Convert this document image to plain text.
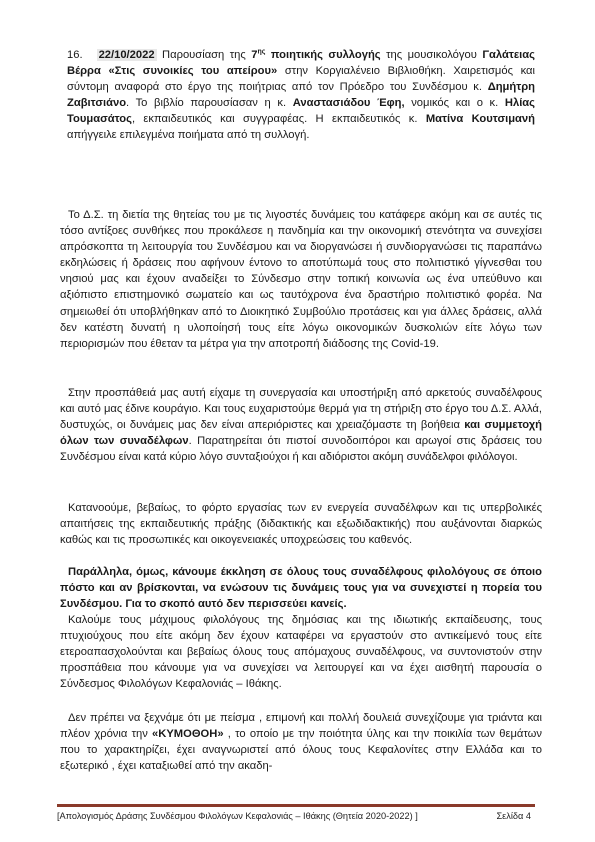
16. 22/10/2022 Παρουσίαση της $7^{\eta\varsigma}$ ποιητικής συλλογής της μουσικολόγου Γαλάτειας Βέρρα «Στις συνοικίες του απείρου» στην Κοργιαλένειο Βιβλιοθήκη. Χαιρετισμός και σύντομη αναφορά στο έργο της ποιήτριας από τον Πρόεδρο του Συνδέσμου κ. Δημήτρη Ζαβιτσιάνο. Το βιβλίο παρουσίασαν η κ. Αναστασιάδου Έφη, νομικός και ο κ. Ηλίας Τουμασάτος, εκπαιδευτικός και συγγραφέας. Η εκπαιδευτικός κ. Ματίνα Κουτσιμανή απήγγειλε επιλεγμένα ποιήματα από τη συλλογή.

Το Δ.Σ. τη διετία της θητείας του με τις λιγοστές δυνάμεις του κατάφερε ακόμη και σε αυτές τις τόσο αντίξοες συνθήκες που προκάλεσε η πανδημία και την οικονομική στενότητα να συνεχίσει απρόσκοπτα τη λειτουργία του Συνδέσμου και να διοργανώσει ή συνδιοργανώσει τις παραπάνω εκδηλώσεις ή δράσεις που αφήνουν έντονο το αποτύπωμά τους στο πολιτιστικό γίγνεσθαι του νησιού μας και έχουν αναδείξει το Σύνδεσμο στην τοπική κοινωνία ως ένα υπεύθυνο και αξιόπιστο επιστημονικό σωματείο και ως ταυτόχρονα ένα δραστήριο πολιτιστικό φορέα. Να σημειωθεί ότι υποβλήθηκαν από το Διοικητικό Συμβούλιο προτάσεις και για άλλες δράσεις, αλλά δεν κατέστη δυνατή η υλοποίησή τους είτε λόγω οικονομικών δυσκολιών είτε λόγω των περιορισμών που έθεταν τα μέτρα για την αποτροπή διάδοσης της Covid-19.

Στην προσπάθειά μας αυτή είχαμε τη συνεργασία και υποστήριξη από αρκετούς συναδέλφους και αυτό μας έδινε κουράγιο. Και τους ευχαριστούμε θερμά για τη στήριξη στο έργο του Δ.Σ. Αλλά, δυστυχώς, οι δυνάμεις μας δεν είναι απεριόριστες και χρειαζόμαστε τη βοήθεια και συμμετοχή όλων των συναδέλφων. Παρατηρείται ότι πιστοί συνοδοιπόροι και αρωγοί στις δράσεις του Συνδέσμου είναι κατά κύριο λόγο συνταξιούχοι ή και αδιόριστοι ακόμη συνάδελφοι φιλόλογοι.

Κατανοούμε, βεβαίως, το φόρτο εργασίας των εν ενεργεία συναδέλφων και τις υπερβολικές απαιτήσεις της εκπαιδευτικής πράξης (διδακτικής και εξωδιδακτικής) που αυξάνονται διαρκώς καθώς και τις προσωπικές και οικογενειακές υποχρεώσεις του καθενός.

Παράλληλα, όμως, κάνουμε έκκληση σε όλους τους συναδέλφους φιλολόγους σε όποιο πόστο και αν βρίσκονται, να ενώσουν τις δυνάμεις τους για να συνεχιστεί η πορεία του Συνδέσμου. Για το σκοπό αυτό δεν περισσεύει κανείς.

Καλούμε τους μάχιμους φιλολόγους της δημόσιας και της ιδιωτικής εκπαίδευσης, τους πτυχιούχους που είτε ακόμη δεν έχουν καταφέρει να εργαστούν στο αντικείμενό τους είτε ετεροαπασχολούνται και βεβαίως όλους τους απόμαχους συναδέλφους, να συντονιστούν στην προσπάθεια που κάνουμε για να συνεχίσει να λειτουργεί και να έχει αισθητή παρουσία ο Σύνδεσμος Φιλολόγων Κεφαλονιάς – Ιθάκης.

Δεν πρέπει να ξεχνάμε ότι με πείσμα , επιμονή και πολλή δουλειά συνεχίζουμε για τριάντα και πλέον χρόνια την «ΚΥΜΟΘΟΗ» , το οποίο με την ποιότητα ύλης και την ποικιλία των θεμάτων που το χαρακτηρίζει, έχει αναγνωριστεί από όλους τους Κεφαλονίτες στην Ελλάδα και το εξωτερικό , έχει καταξιωθεί από την ακαδη-

[Απολογισμός Δράσης Συνδέσμου Φιλολόγων Κεφαλονιάς – Ιθάκης (Θητεία 2020-2022) ]	Σελίδα 4
